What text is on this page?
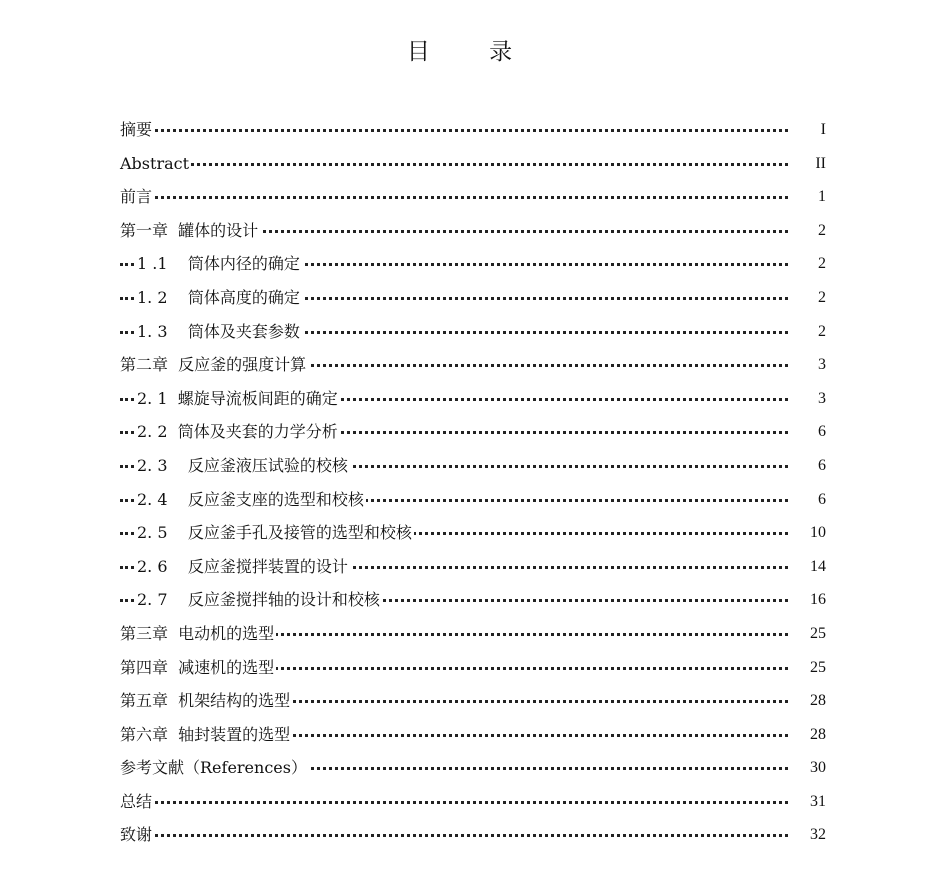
目 录
摘要	I
Abstract	II
前言	1
第一章  罐体的设计	2
1 .1    筒体内径的确定	2
1. 2    筒体高度的确定	2
1. 3    筒体及夹套参数	2
第二章  反应釜的强度计算	3
2. 1  螺旋导流板间距的确定	3
2. 2  筒体及夹套的力学分析	6
2. 3    反应釜液压试验的校核	6
2. 4    反应釜支座的选型和校核	6
2. 5    反应釜手孔及接管的选型和校核	10
2. 6    反应釜搅拌装置的设计	14
2. 7    反应釜搅拌轴的设计和校核	16
第三章  电动机的选型	25
第四章  减速机的选型	25
第五章  机架结构的选型	28
第六章  轴封装置的选型	28
参考文献（References）	30
总结	31
致谢	32
